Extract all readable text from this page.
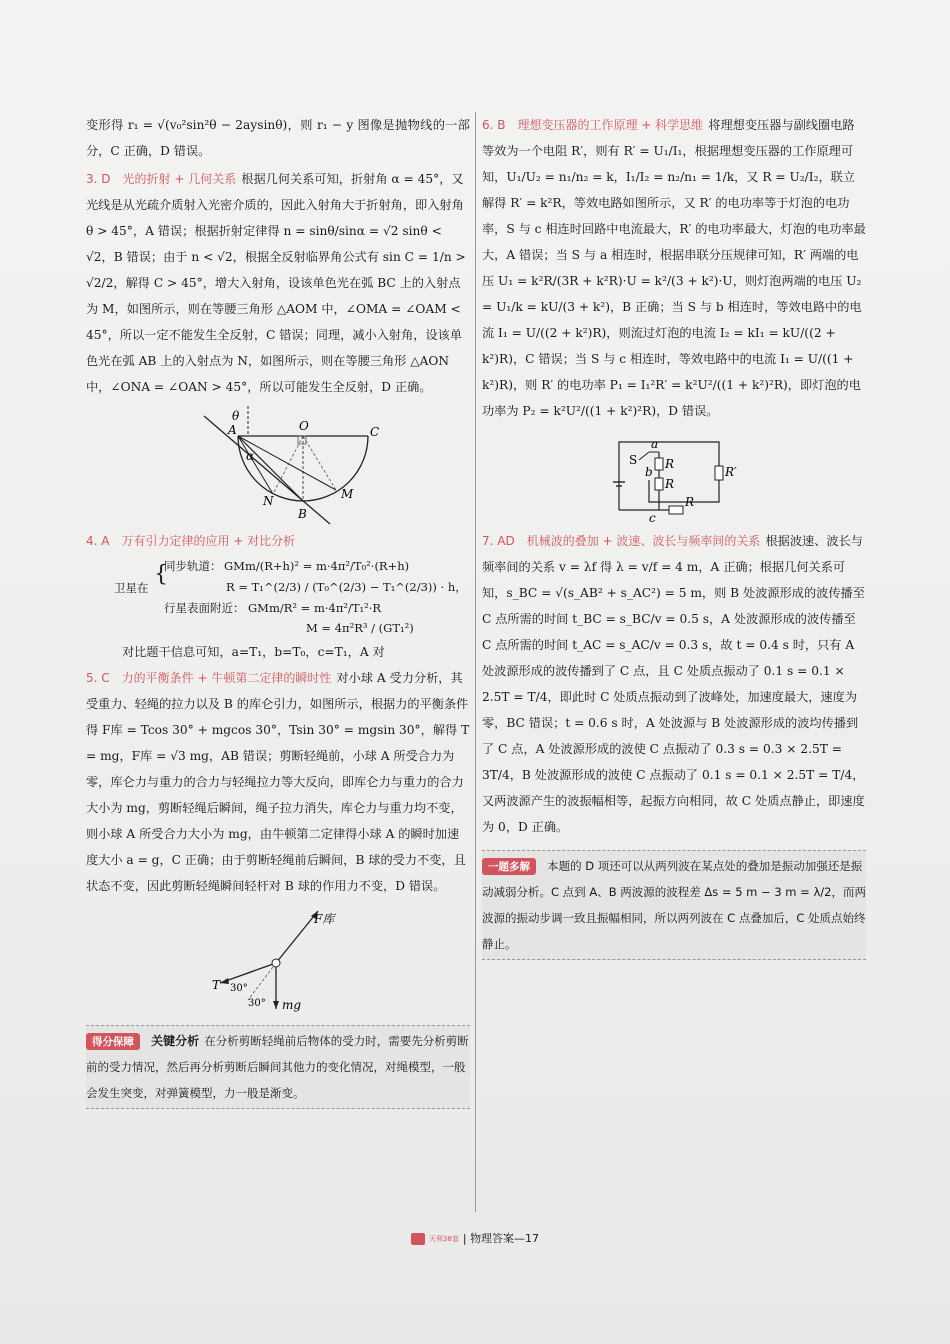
变形得 r₁ = √(v₀²sin²θ − 2aysinθ)，则 r₁ − y 图像是抛物线的一部分，C 正确，D 错误。

3. D　光的折射 + 几何关系 根据几何关系可知，折射角 α = 45°，又光线是从光疏介质射入光密介质的，因此入射角大于折射角，即入射角 θ > 45°，A 错误；根据折射定律得 n = sinθ/sinα = √2 sinθ < √2，B 错误；由于 n < √2，根据全反射临界角公式有 sin C = 1/n > √2/2，解得 C > 45°，增大入射角，设该单色光在弧 BC 上的入射点为 M，如图所示，则在等腰三角形 △AOM 中，∠OMA = ∠OAM < 45°，所以一定不能发生全反射，C 错误；同理，减小入射角，设该单色光在弧 AB 上的入射点为 N，如图所示，则在等腰三角形 △AON 中，∠ONA = ∠OAN > 45°，所以可能发生全反射，D 正确。

θ
A	O	C
α
N
B
M
4. A　万有引力定律的应用 + 对比分析
卫星在
{
同步轨道： GMm/(R+h)² = m·4π²/T₀²·(R+h)
行星表面附近： GMm/R² = m·4π²/T₁²·R
R = T₁^(2/3) / (T₀^(2/3) − T₁^(2/3)) · h，
M = 4π²R³ / (GT₁²)

对比题干信息可知，a=T₁，b=T₀，c=T₁，A 对

5. C　力的平衡条件 + 牛顿第二定律的瞬时性 对小球 A 受力分析，其受重力、轻绳的拉力以及 B 的库仑引力，如图所示，根据力的平衡条件得 F库 = Tcos 30° + mgcos 30°，Tsin 30° = mgsin 30°，解得 T = mg，F库 = √3 mg，AB 错误；剪断轻绳前，小球 A 所受合力为零，库仑力与重力的合力与轻绳拉力等大反向，即库仑力与重力的合力大小为 mg，剪断轻绳后瞬间，绳子拉力消失，库仑力与重力均不变，则小球 A 所受合力大小为 mg，由牛顿第二定律得小球 A 的瞬时加速度大小 a = g，C 正确；由于剪断轻绳前后瞬间，B 球的受力不变，且状态不变，因此剪断轻绳瞬间轻杆对 B 球的作用力不变，D 错误。

F库
T 30°
30° mg
得分保障 关键分析 在分析剪断轻绳前后物体的受力时，需要先分析剪断前的受力情况，然后再分析剪断后瞬间其他力的变化情况，对绳模型，一般会发生突变，对弹簧模型，力一般是渐变。

6. B　理想变压器的工作原理 + 科学思维 将理想变压器与副线圈电路等效为一个电阻 R′，则有 R′ = U₁/I₁，根据理想变压器的工作原理可知，U₁/U₂ = n₁/n₂ = k，I₁/I₂ = n₂/n₁ = 1/k，又 R = U₂/I₂，联立解得 R′ = k²R，等效电路如图所示，又 R′ 的电功率等于灯泡的电功率，S 与 c 相连时回路中电流最大，R′ 的电功率最大，灯泡的电功率最大，A 错误；当 S 与 a 相连时，根据串联分压规律可知，R′ 两端的电压 U₁ = k²R/(3R + k²R)·U = k²/(3 + k²)·U，则灯泡两端的电压 U₂ = U₁/k = kU/(3 + k²)，B 正确；当 S 与 b 相连时，等效电路中的电流 I₁ = U/((2 + k²)R)，则流过灯泡的电流 I₂ = kI₁ = kU/((2 + k²)R)，C 错误；当 S 与 c 相连时，等效电路中的电流 I₁ = U/((1 + k²)R)，则 R′ 的电功率 P₁ = I₁²R′ = k²U²/((1 + k²)²R)，即灯泡的电功率为 P₂ = k²U²/((1 + k²)²R)，D 错误。

S
a
b
c
R
R
R
R′
7. AD　机械波的叠加 + 波速、波长与频率间的关系 根据波速、波长与频率间的关系 v = λf 得 λ = v/f = 4 m，A 正确；根据几何关系可知，s_BC = √(s_AB² + s_AC²) = 5 m，则 B 处波源形成的波传播至 C 点所需的时间 t_BC = s_BC/v = 0.5 s，A 处波源形成的波传播至 C 点所需的时间 t_AC = s_AC/v = 0.3 s，故 t = 0.4 s 时，只有 A 处波源形成的波传播到了 C 点，且 C 处质点振动了 0.1 s = 0.1 × 2.5T = T/4，即此时 C 处质点振动到了波峰处，加速度最大，速度为零，BC 错误；t = 0.6 s 时，A 处波源与 B 处波源形成的波均传播到了 C 点，A 处波源形成的波使 C 点振动了 0.3 s = 0.3 × 2.5T = 3T/4，B 处波源形成的波使 C 点振动了 0.1 s = 0.1 × 2.5T = T/4，又两波源产生的波振幅相等，起振方向相同，故 C 处质点静止，即速度为 0，D 正确。

一题多解 本题的 D 项还可以从两列波在某点处的叠加是振动加强还是振动减弱分析。C 点到 A、B 两波源的波程差 Δs = 5 m − 3 m = λ/2，而两波源的振动步调一致且振幅相同，所以两列波在 C 点叠加后，C 处质点始终静止。

天利38套 | 物理答案—17
